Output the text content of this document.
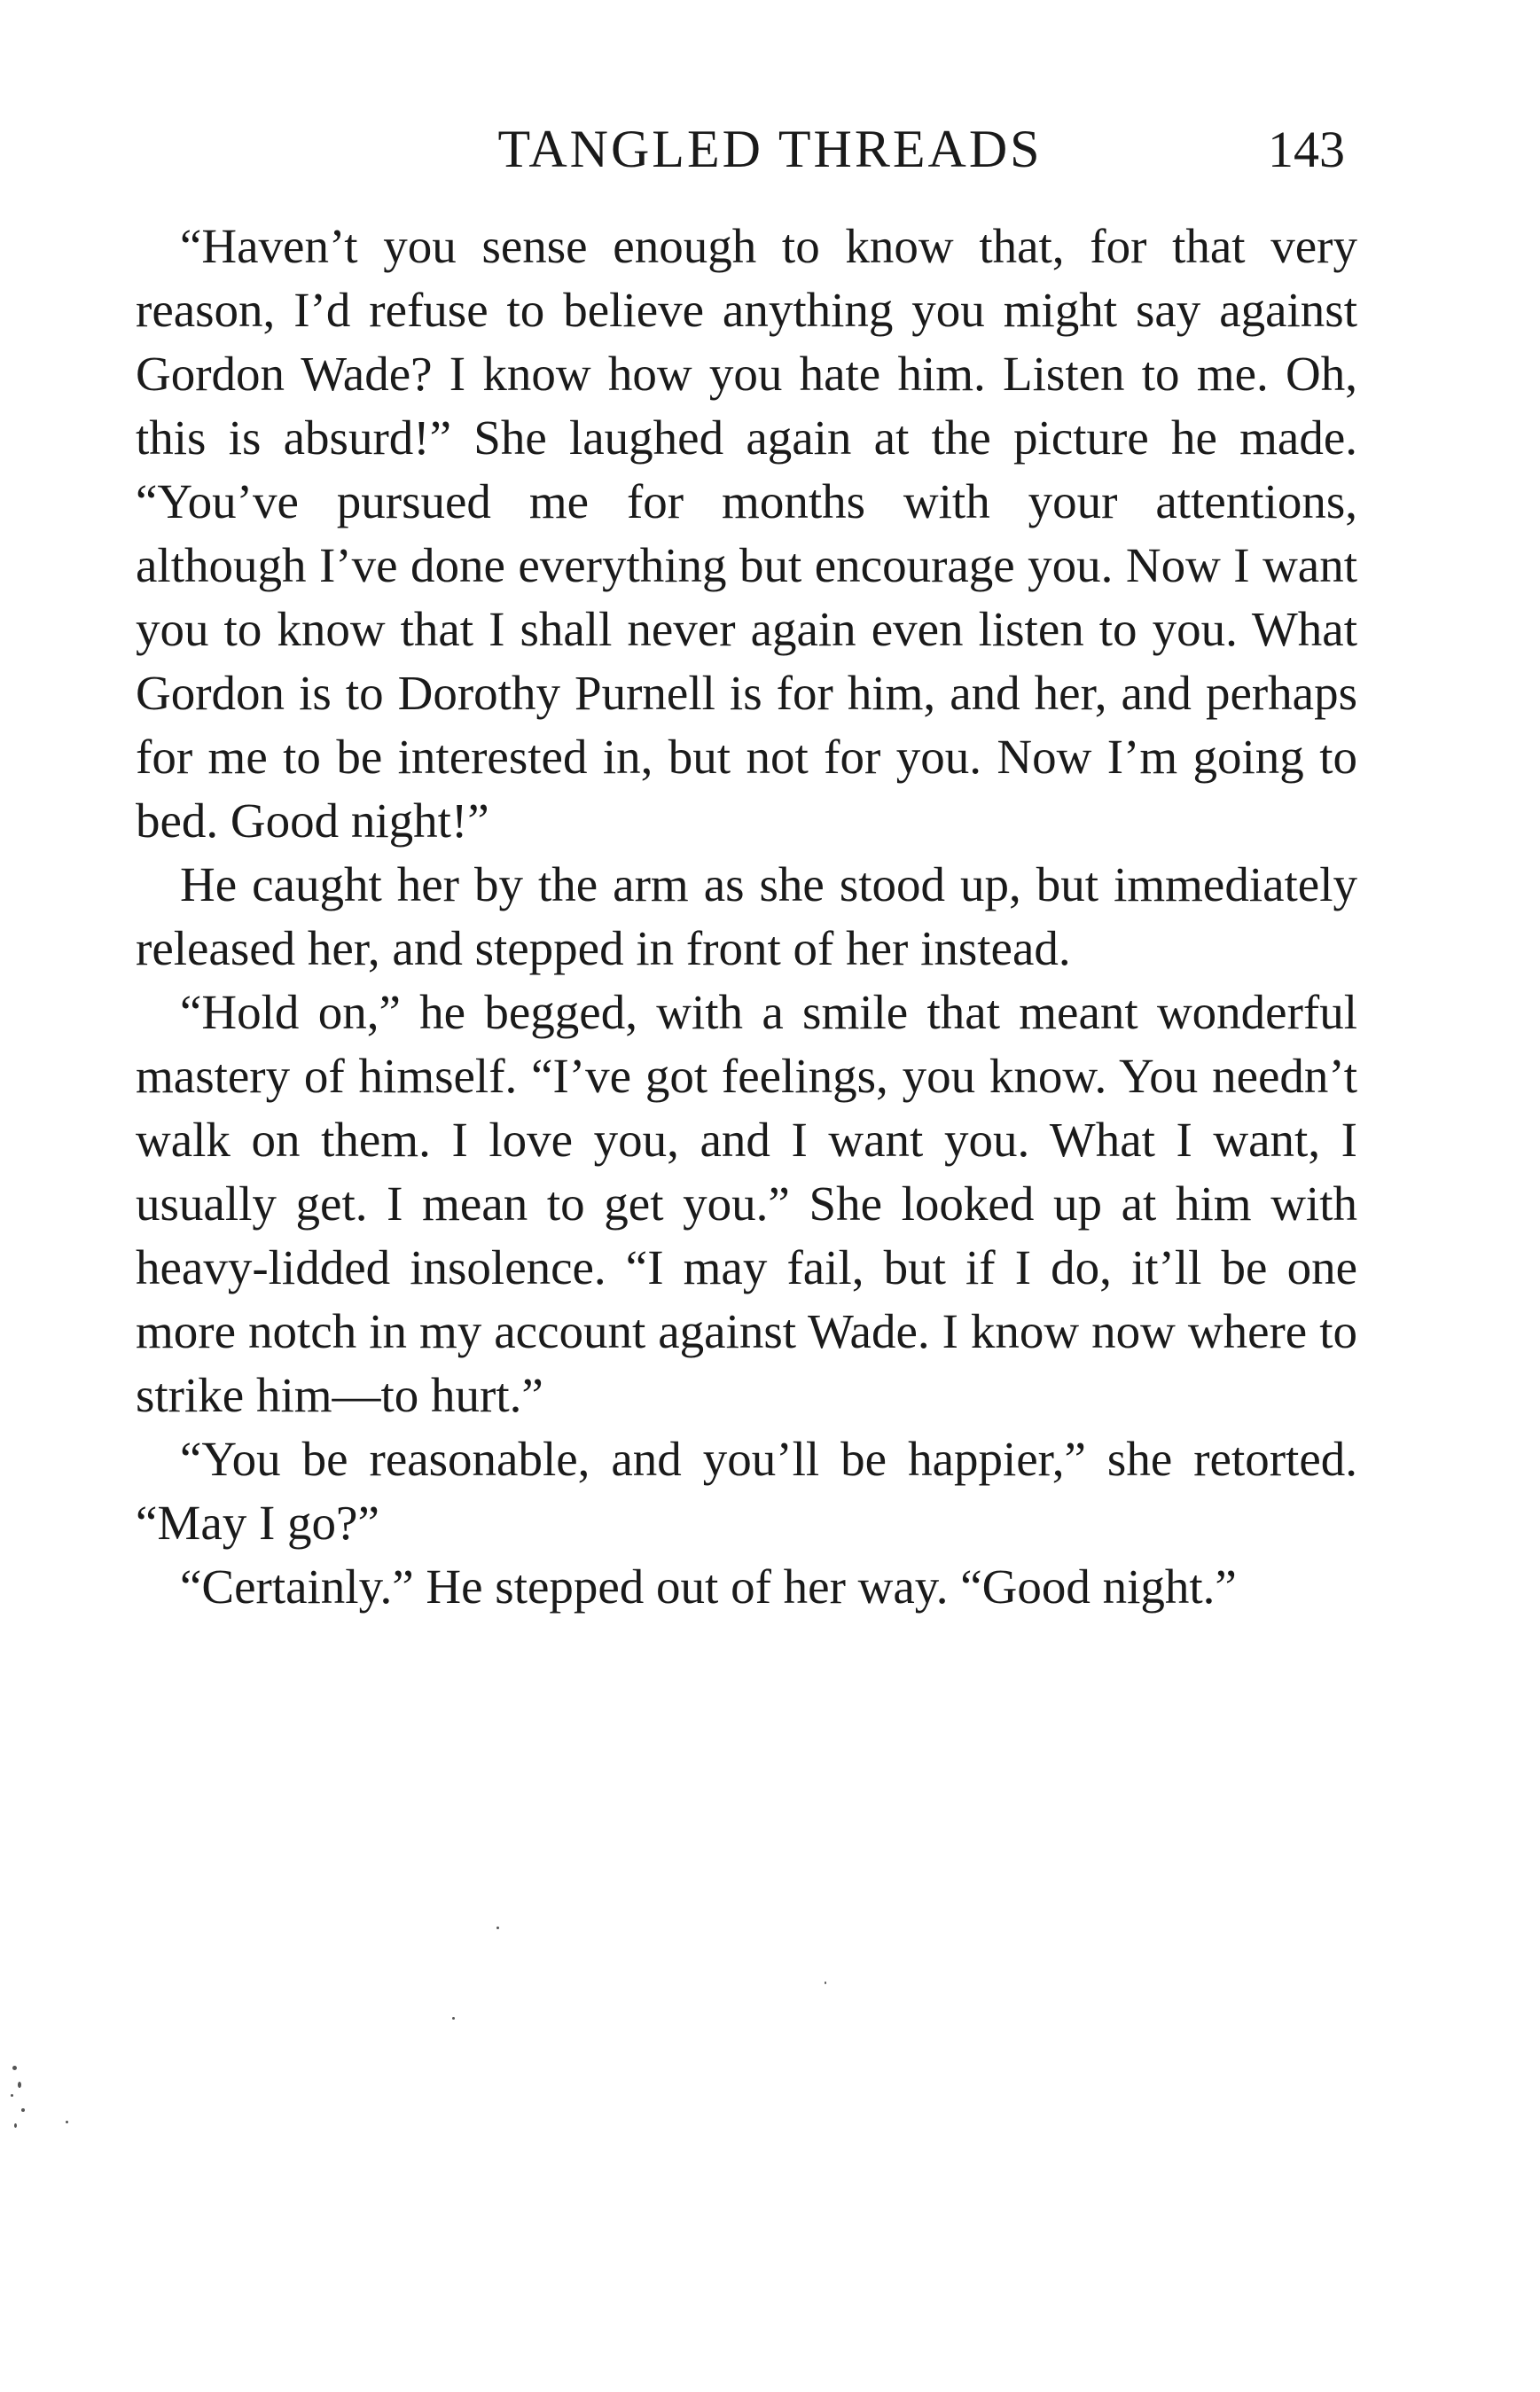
TANGLED THREADS	143

“Haven’t you sense enough to know that, for that very reason, I’d refuse to believe anything you might say against Gordon Wade? I know how you hate him. Listen to me. Oh, this is absurd!” She laughed again at the picture he made. “You’ve pursued me for months with your attentions, although I’ve done everything but encourage you. Now I want you to know that I shall never again even listen to you. What Gordon is to Dorothy Purnell is for him, and her, and perhaps for me to be interested in, but not for you. Now I’m going to bed. Good night!”

He caught her by the arm as she stood up, but immediately released her, and stepped in front of her instead.

“Hold on,” he begged, with a smile that meant wonderful mastery of himself. “I’ve got feelings, you know. You needn’t walk on them. I love you, and I want you. What I want, I usually get. I mean to get you.” She looked up at him with heavy-lidded insolence. “I may fail, but if I do, it’ll be one more notch in my account against Wade. I know now where to strike him—to hurt.”

“You be reasonable, and you’ll be happier,” she retorted. “May I go?”

“Certainly.” He stepped out of her way. “Good night.”
